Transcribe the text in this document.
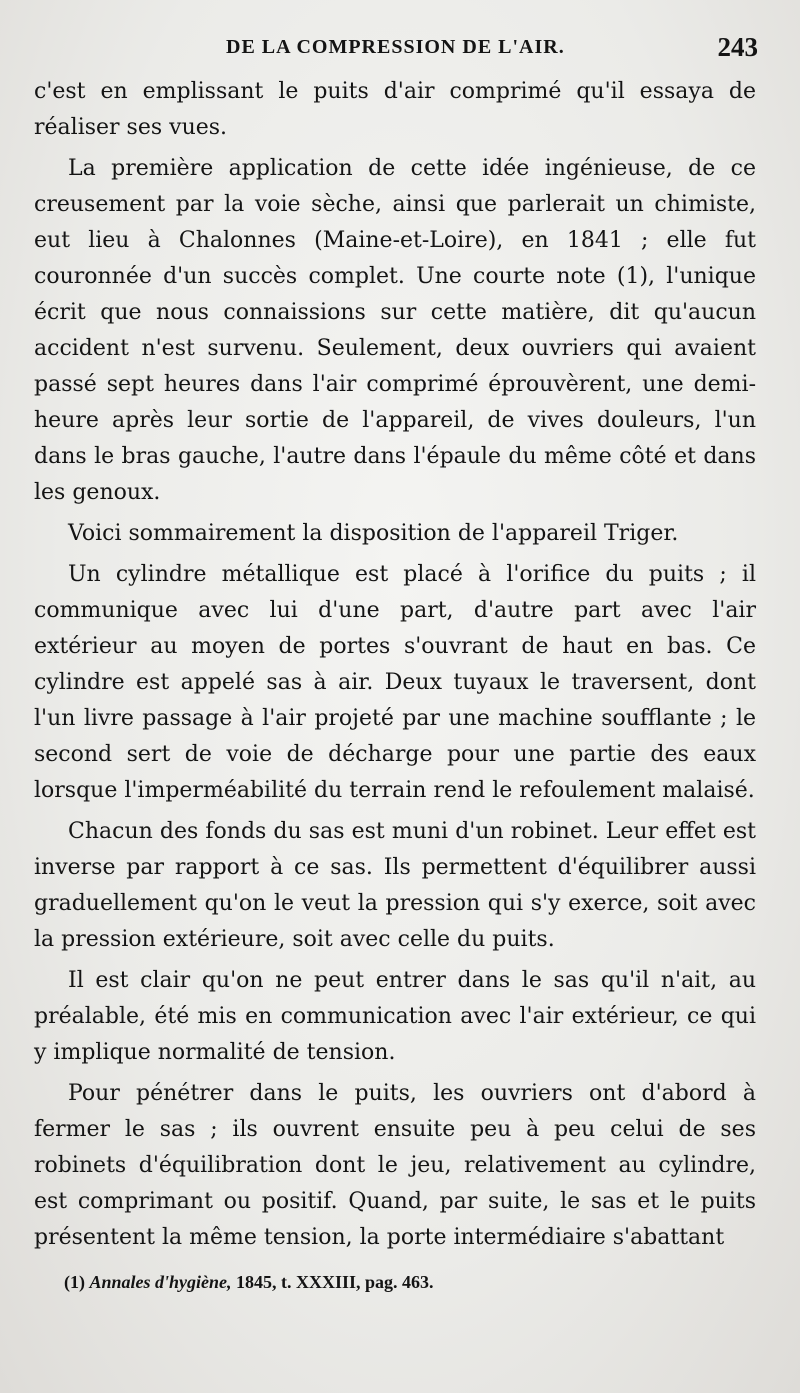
DE LA COMPRESSION DE L'AIR.	243

c'est en emplissant le puits d'air comprimé qu'il essaya de réaliser ses vues.

La première application de cette idée ingénieuse, de ce creusement par la voie sèche, ainsi que parlerait un chimiste, eut lieu à Chalonnes (Maine-et-Loire), en 1841 ; elle fut couronnée d'un succès complet. Une courte note (1), l'unique écrit que nous connaissions sur cette matière, dit qu'aucun accident n'est survenu. Seulement, deux ouvriers qui avaient passé sept heures dans l'air comprimé éprouvèrent, une demi-heure après leur sortie de l'appareil, de vives douleurs, l'un dans le bras gauche, l'autre dans l'épaule du même côté et dans les genoux.

Voici sommairement la disposition de l'appareil Triger.

Un cylindre métallique est placé à l'orifice du puits ; il communique avec lui d'une part, d'autre part avec l'air extérieur au moyen de portes s'ouvrant de haut en bas. Ce cylindre est appelé sas à air. Deux tuyaux le traversent, dont l'un livre passage à l'air projeté par une machine soufflante ; le second sert de voie de décharge pour une partie des eaux lorsque l'imperméabilité du terrain rend le refoulement malaisé.

Chacun des fonds du sas est muni d'un robinet. Leur effet est inverse par rapport à ce sas. Ils permettent d'équilibrer aussi graduellement qu'on le veut la pression qui s'y exerce, soit avec la pression extérieure, soit avec celle du puits.

Il est clair qu'on ne peut entrer dans le sas qu'il n'ait, au préalable, été mis en communication avec l'air extérieur, ce qui y implique normalité de tension.

Pour pénétrer dans le puits, les ouvriers ont d'abord à fermer le sas ; ils ouvrent ensuite peu à peu celui de ses robinets d'équilibration dont le jeu, relativement au cylindre, est comprimant ou positif. Quand, par suite, le sas et le puits présentent la même tension, la porte intermédiaire s'abattant

(1) Annales d'hygiène, 1845, t. XXXIII, pag. 463.
